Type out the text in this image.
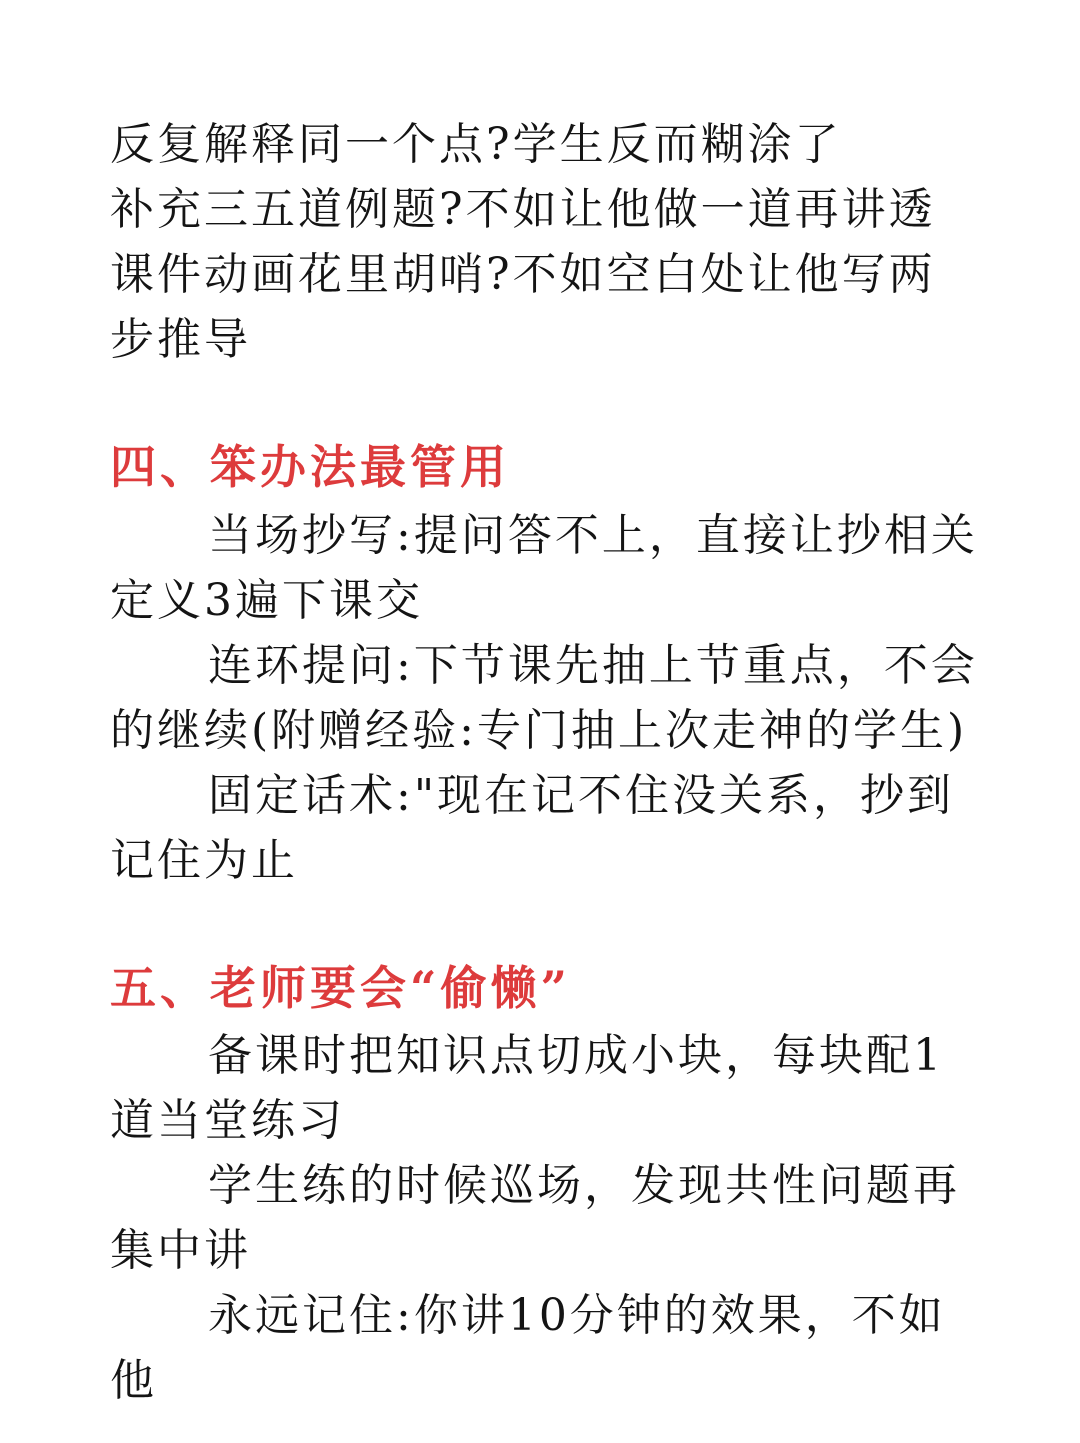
反复解释同一个点?学生反而糊涂了
补充三五道例题?不如让他做一道再讲透
课件动画花里胡哨?不如空白处让他写两步推导
四、笨办法最管用
当场抄写:提问答不上，直接让抄相关定义3遍下课交
连环提问:下节课先抽上节重点，不会的继续(附赠经验:专门抽上次走神的学生)
固定话术:"现在记不住没关系，抄到记住为止
五、老师要会“偷懒”
备课时把知识点切成小块，每块配1道当堂练习
学生练的时候巡场，发现共性问题再集中讲
永远记住:你讲10分钟的效果，不如他
